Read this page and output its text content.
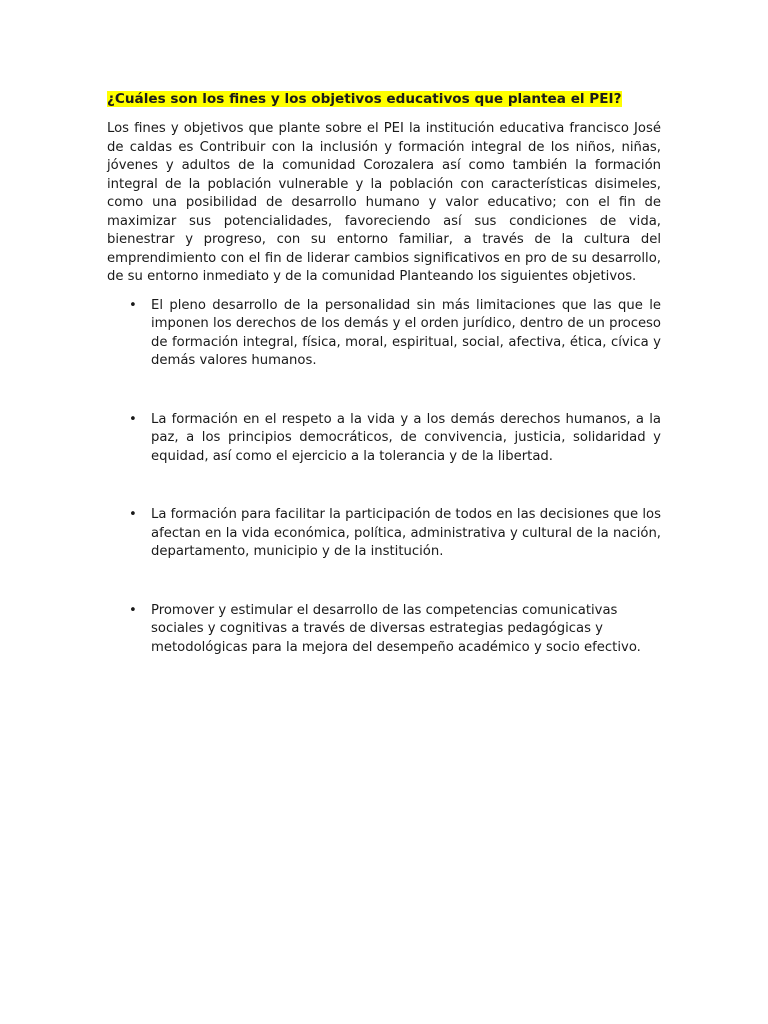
¿Cuáles son los fines y los objetivos educativos que plantea el PEI?

Los fines y objetivos que plante sobre el PEI la institución educativa francisco José de caldas es Contribuir con la inclusión y formación integral de los niños, niñas, jóvenes y adultos de la comunidad Corozalera así como también la formación integral de la población vulnerable y la población con características disimeles, como una posibilidad de desarrollo humano y valor educativo; con el fin de maximizar sus potencialidades, favoreciendo así sus condiciones de vida, bienestrar y progreso, con su entorno familiar, a través de la cultura del emprendimiento con el fin de liderar cambios significativos en pro de su desarrollo, de su entorno inmediato y de la comunidad Planteando los siguientes objetivos.

• El pleno desarrollo de la personalidad sin más limitaciones que las que le imponen los derechos de los demás y el orden jurídico, dentro de un proceso de formación integral, física, moral, espiritual, social, afectiva, ética, cívica y demás valores humanos.
• La formación en el respeto a la vida y a los demás derechos humanos, a la paz, a los principios democráticos, de convivencia, justicia, solidaridad y equidad, así como el ejercicio a la tolerancia y de la libertad.
• La formación para facilitar la participación de todos en las decisiones que los afectan en la vida económica, política, administrativa y cultural de la nación, departamento, municipio y de la institución.
• Promover y estimular el desarrollo de las competencias comunicativas sociales y cognitivas a través de diversas estrategias pedagógicas y metodológicas para la mejora del desempeño académico y socio efectivo.
